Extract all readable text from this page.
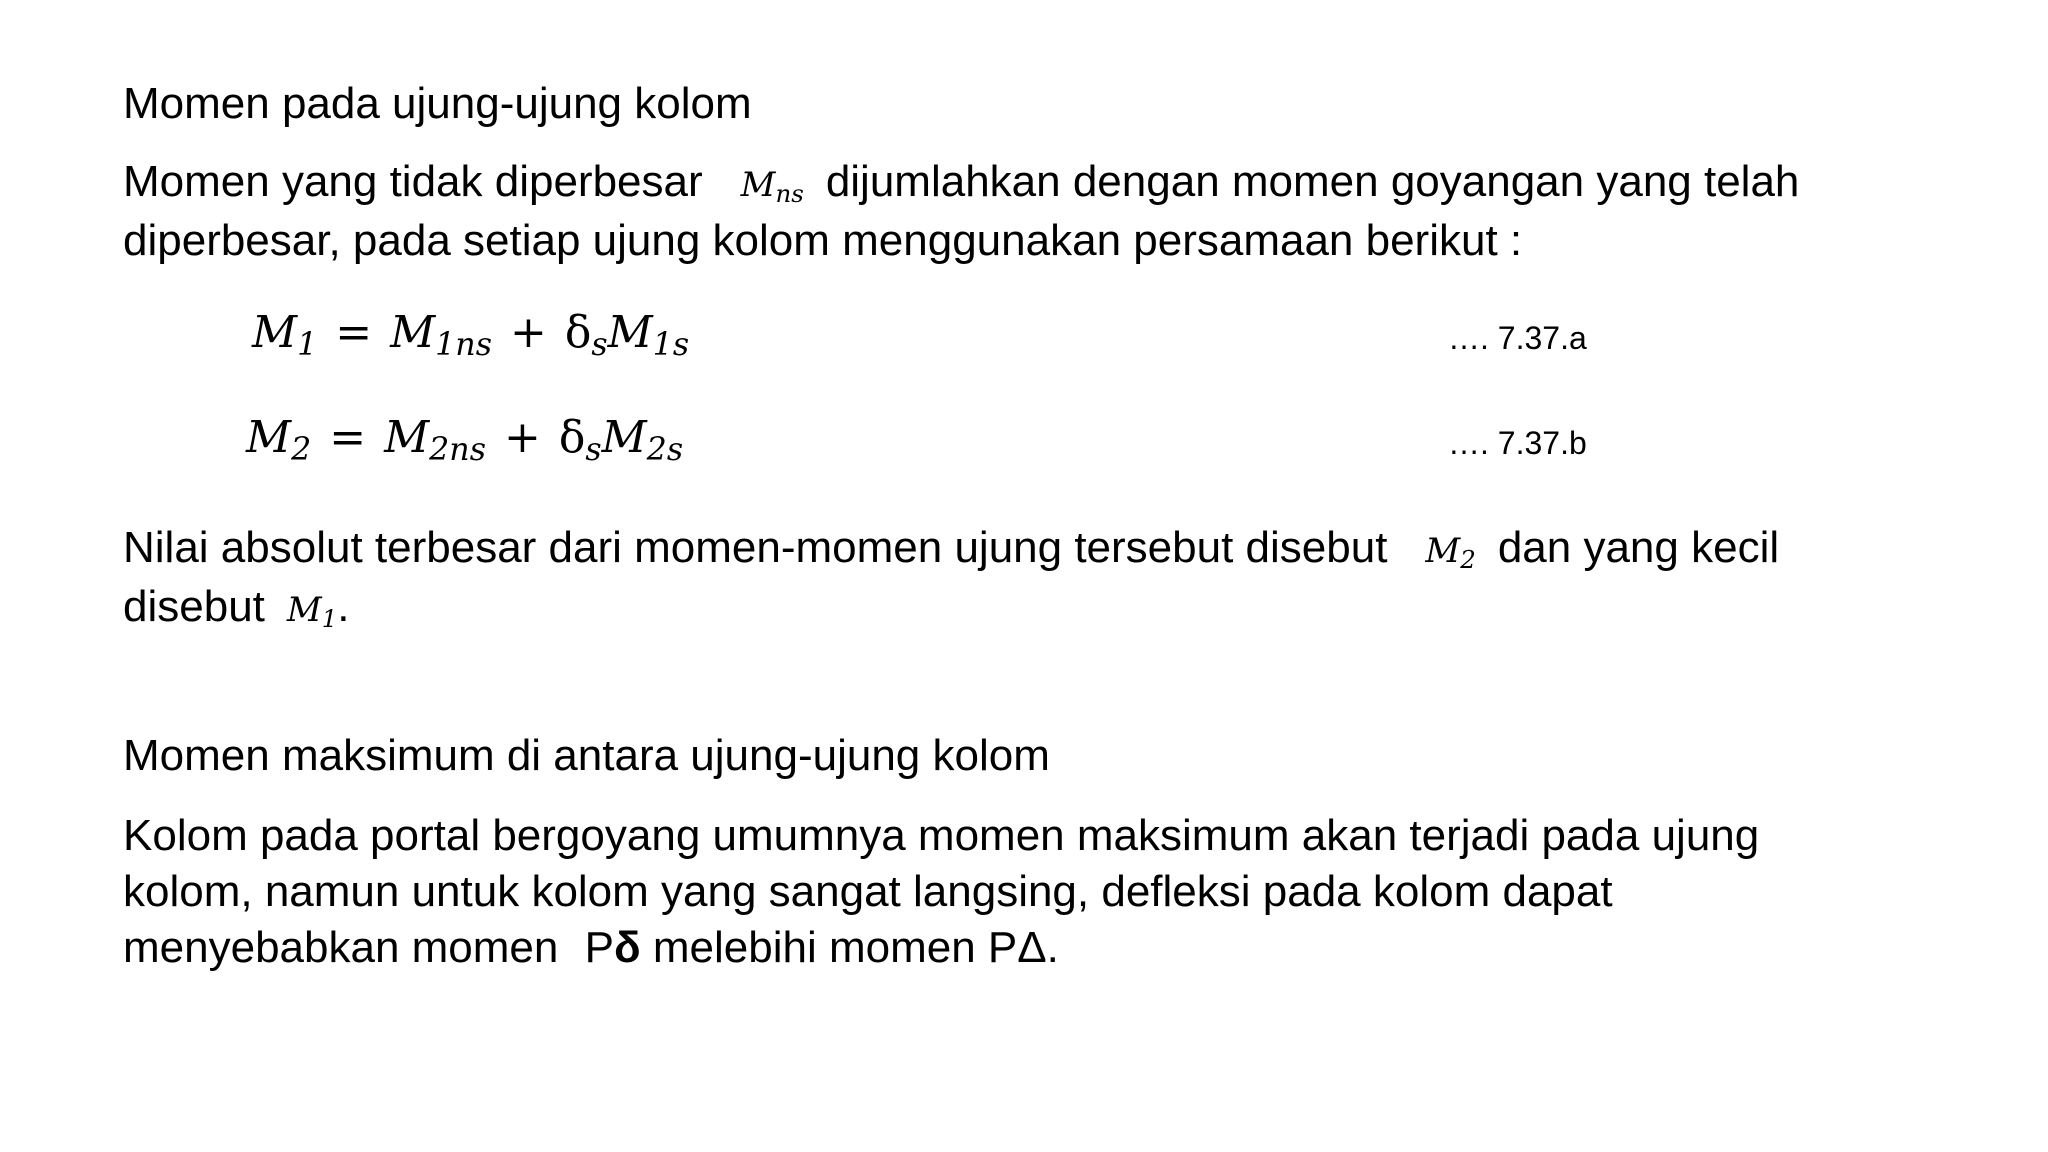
Momen pada ujung-ujung kolom
Momen yang tidak diperbesar $M_{ns}$ dijumlahkan dengan momen goyangan yang telah
diperbesar, pada setiap ujung kolom menggunakan persamaan berikut :
$M_1 = M_{1ns} + \delta_sM_{1s}$	…. 7.37.a
$M_2 = M_{2ns} + \delta_sM_{2s}$	…. 7.37.b
Nilai absolut terbesar dari momen-momen ujung tersebut disebut $M_2$ dan yang kecil
disebut $M_1$.
Momen maksimum di antara ujung-ujung kolom
Kolom pada portal bergoyang umumnya momen maksimum akan terjadi pada ujung
kolom, namun untuk kolom yang sangat langsing, defleksi pada kolom dapat
menyebabkan momen Pδ melebihi momen PΔ.
